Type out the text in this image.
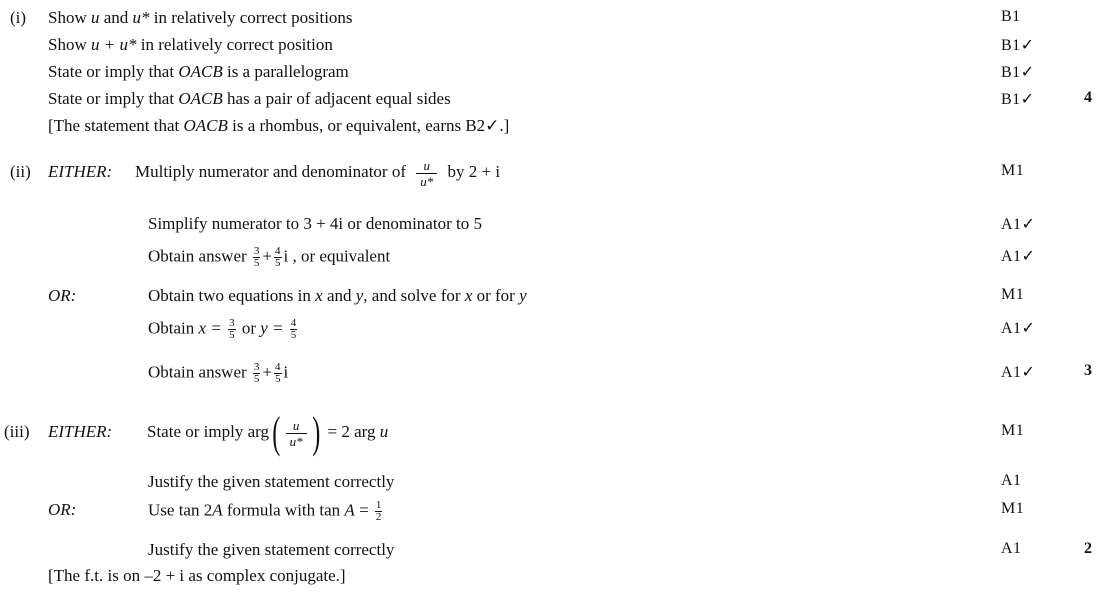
(i) Show u and u* in relatively correct positions	B1
Show u + u* in relatively correct position	B1✓
State or imply that OACB is a parallelogram	B1✓
State or imply that OACB has a pair of adjacent equal sides	B1✓	4
[The statement that OACB is a rhombus, or equivalent, earns B2✓.]
(ii) EITHER: Multiply numerator and denominator of $\frac{u}{u*}$ by 2 + i	M1
Simplify numerator to 3 + 4i or denominator to 5	A1✓
Obtain answer $\frac{3}{5} + \frac{4}{5}$ i , or equivalent	A1✓
OR:	Obtain two equations in x and y, and solve for x or for y	M1
Obtain $x = \frac{3}{5}$ or $y = \frac{4}{5}$	A1✓
Obtain answer $\frac{3}{5} + \frac{4}{5}$ i	A1✓	3
(iii) EITHER: State or imply $arg( \frac{u}{u*}$ ) = 2 arg u	M1
Justify the given statement correctly	A1
OR:	Use tan 2A formula with $\tan A = \frac{1}{2}$	M1
Justify the given statement correctly	A1	2
[The f.t. is on –2 + i as complex conjugate.]
